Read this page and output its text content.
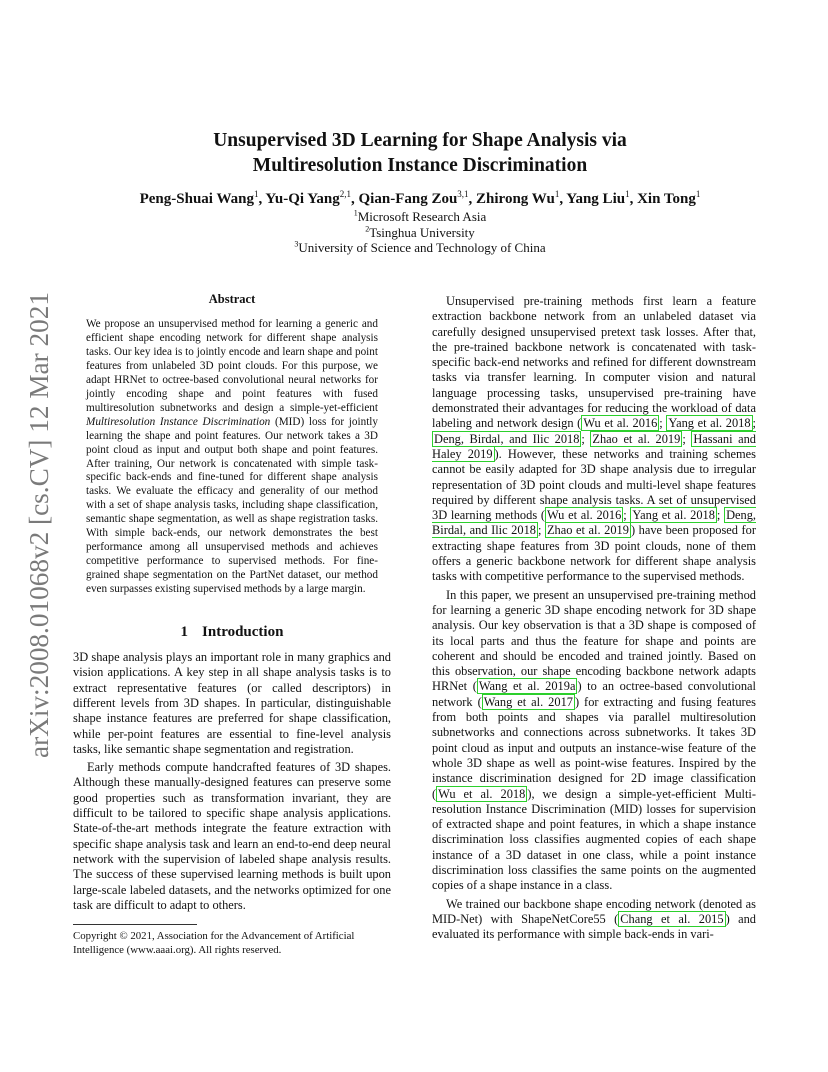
arXiv:2008.01068v2 [cs.CV] 12 Mar 2021
Unsupervised 3D Learning for Shape Analysis via
Multiresolution Instance Discrimination
Peng-Shuai Wang$^1$, Yu-Qi Yang$^{2,1}$, Qian-Fang Zou$^{3,1}$, Zhirong Wu$^1$, Yang Liu$^1$, Xin Tong$^1$
$^1$Microsoft Research Asia
$^2$Tsinghua University
$^3$University of Science and Technology of China
Abstract

We propose an unsupervised method for learning a generic and efficient shape encoding network for different shape analysis tasks. Our key idea is to jointly encode and learn shape and point features from unlabeled 3D point clouds. For this purpose, we adapt HRNet to octree-based convolutional neural networks for jointly encoding shape and point features with fused multiresolution subnetworks and design a simple-yet-efficient Multiresolution Instance Discrimination (MID) loss for jointly learning the shape and point features. Our network takes a 3D point cloud as input and output both shape and point features. After training, Our network is concatenated with simple task-specific back-ends and fine-tuned for different shape analysis tasks. We evaluate the efficacy and generality of our method with a set of shape analysis tasks, including shape classification, semantic shape segmentation, as well as shape registration tasks. With simple back-ends, our network demonstrates the best performance among all unsupervised methods and achieves competitive performance to supervised methods. For fine-grained shape segmentation on the PartNet dataset, our method even surpasses existing supervised methods by a large margin.

1 Introduction

3D shape analysis plays an important role in many graphics and vision applications. A key step in all shape analysis tasks is to extract representative features (or called descriptors) in different levels from 3D shapes. In particular, distinguishable shape instance features are preferred for shape classification, while per-point features are essential to fine-level analysis tasks, like semantic shape segmentation and registration.

Early methods compute handcrafted features of 3D shapes. Although these manually-designed features can preserve some good properties such as transformation invariant, they are difficult to be tailored to specific shape analysis applications. State-of-the-art methods integrate the feature extraction with specific shape analysis task and learn an end-to-end deep neural network with the supervision of labeled shape analysis results. The success of these supervised learning methods is built upon large-scale labeled datasets, and the networks optimized for one task are difficult to adapt to others.

Copyright © 2021, Association for the Advancement of Artificial Intelligence (www.aaai.org). All rights reserved.

Unsupervised pre-training methods first learn a feature extraction backbone network from an unlabeled dataset via carefully designed unsupervised pretext task losses. After that, the pre-trained backbone network is concatenated with task-specific back-end networks and refined for different downstream tasks via transfer learning. In computer vision and natural language processing tasks, unsupervised pre-training have demonstrated their advantages for reducing the workload of data labeling and network design ( Wu et al. 2016 ; Yang et al. 2018 ; Deng, Birdal, and Ilic 2018 ; Zhao et al. 2019 ; Hassani and Haley 2019 ). However, these networks and training schemes cannot be easily adapted for 3D shape analysis due to irregular representation of 3D point clouds and multi-level shape features required by different shape analysis tasks. A set of unsupervised 3D learning methods ( Wu et al. 2016 ; Yang et al. 2018 ; Deng, Birdal, and Ilic 2018 ; Zhao et al. 2019 ) have been proposed for extracting shape features from 3D point clouds, none of them offers a generic backbone network for different shape analysis tasks with competitive performance to the supervised methods.

In this paper, we present an unsupervised pre-training method for learning a generic 3D shape encoding network for 3D shape analysis. Our key observation is that a 3D shape is composed of its local parts and thus the feature for shape and points are coherent and should be encoded and trained jointly. Based on this observation, our shape encoding backbone network adapts HRNet ( Wang et al. 2019a ) to an octree-based convolutional network ( Wang et al. 2017 ) for extracting and fusing features from both points and shapes via parallel multiresolution subnetworks and connections across subnetworks. It takes 3D point cloud as input and outputs an instance-wise feature of the whole 3D shape as well as point-wise features. Inspired by the instance discrimination designed for 2D image classification ( Wu et al. 2018 ), we design a simple-yet-efficient Multi-resolution Instance Discrimination (MID) losses for supervision of extracted shape and point features, in which a shape instance discrimination loss classifies augmented copies of each shape instance of a 3D dataset in one class, while a point instance discrimination loss classifies the same points on the augmented copies of a shape instance in a class.

We trained our backbone shape encoding network (denoted as MID-Net) with ShapeNetCore55 ( Chang et al. 2015 ) and evaluated its performance with simple back-ends in vari-
